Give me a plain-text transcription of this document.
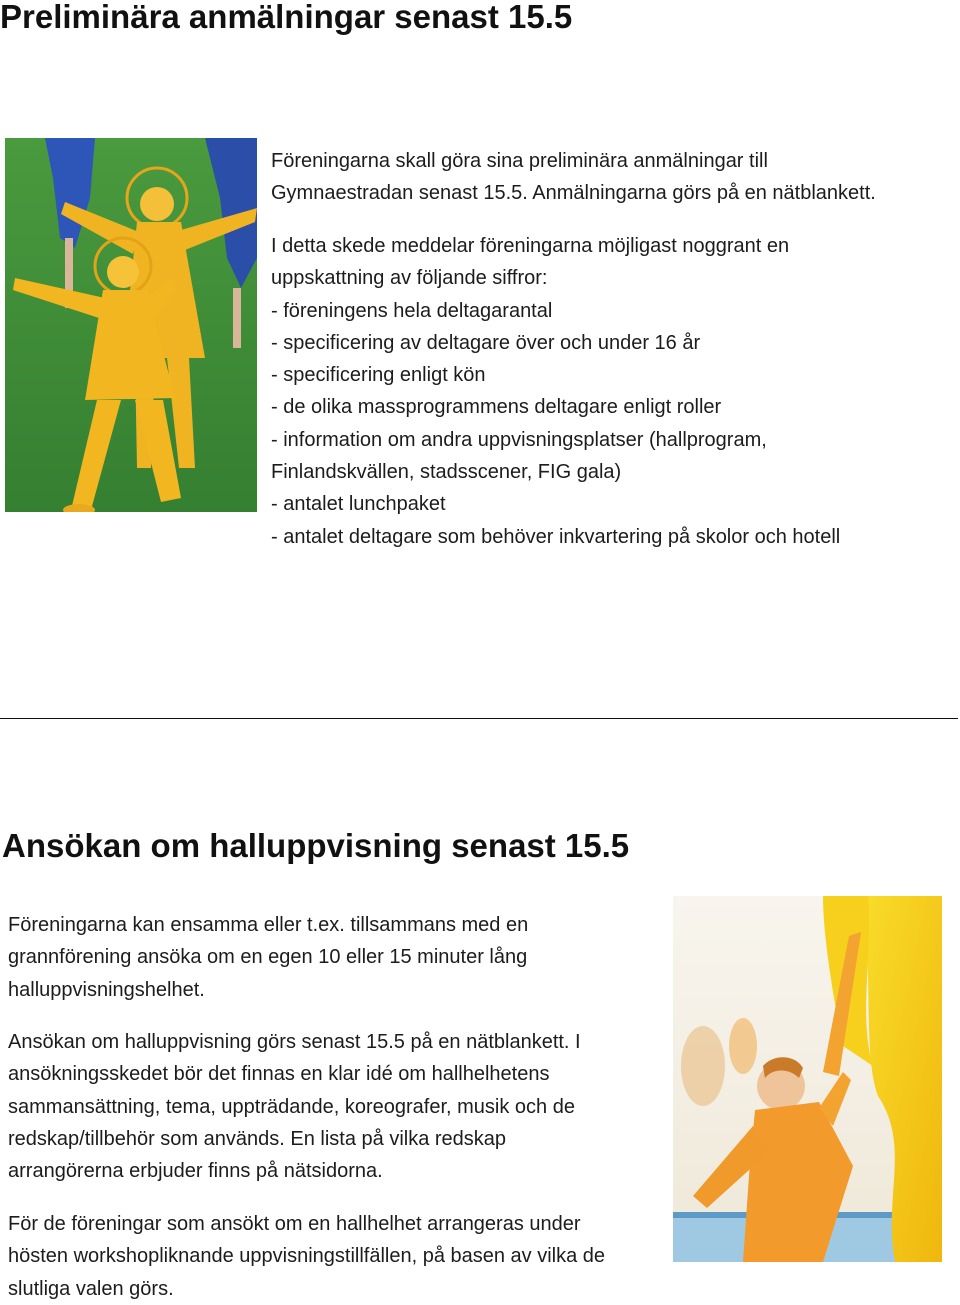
Preliminära anmälningar senast 15.5

Föreningarna skall göra sina preliminära anmälningar till
Gymnaestradan senast 15.5. Anmälningarna görs på en nätblankett.

I detta skede meddelar föreningarna möjligast noggrant en
uppskattning av följande siffror:
- föreningens hela deltagarantal
- specificering av deltagare över och under 16 år
- specificering enligt kön
- de olika massprogrammens deltagare enligt roller
- information om andra uppvisningsplatser (hallprogram,
Finlandskvällen, stadsscener, FIG gala)
- antalet lunchpaket
- antalet deltagare som behöver inkvartering på skolor och hotell

Ansökan om halluppvisning senast 15.5

Föreningarna kan ensamma eller t.ex. tillsammans med en
grannförening ansöka om en egen 10 eller 15 minuter lång
halluppvisningshelhet.

Ansökan om halluppvisning görs senast 15.5 på en nätblankett. I
ansökningsskedet bör det finnas en klar idé om hallhelhetens
sammansättning, tema, uppträdande, koreografer, musik och de
redskap/tillbehör som används. En lista på vilka redskap
arrangörerna erbjuder finns på nätsidorna.

För de föreningar som ansökt om en hallhelhet arrangeras under
hösten workshopliknande uppvisningstillfällen, på basen av vilka de
slutliga valen görs.
